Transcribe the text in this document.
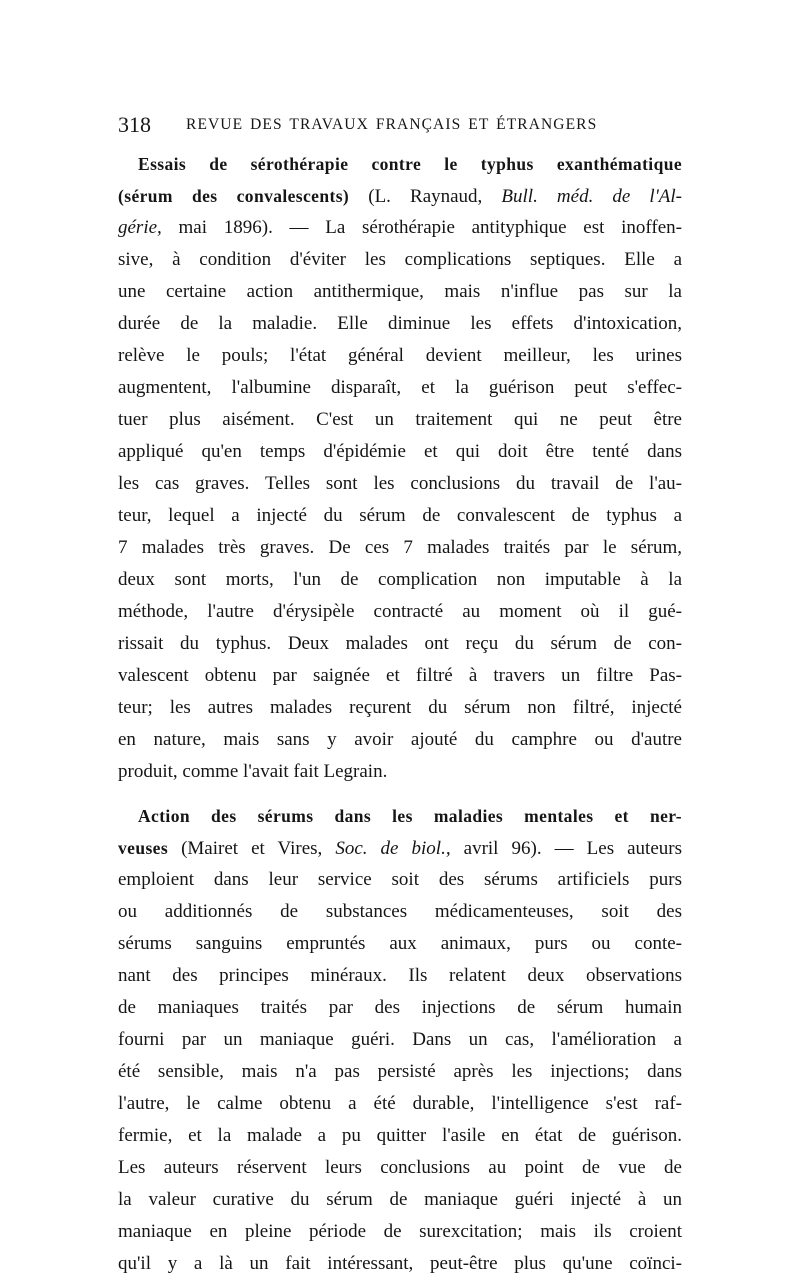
318 REVUE DES TRAVAUX FRANÇAIS ET ÉTRANGERS
Essais de sérothérapie contre le typhus exanthématique
(sérum des convalescents) (L. Raynaud, Bull. méd. de l'Al-
gérie, mai 1896). — La sérothérapie antityphique est inoffen-
sive, à condition d'éviter les complications septiques. Elle a
une certaine action antithermique, mais n'influe pas sur la
durée de la maladie. Elle diminue les effets d'intoxication,
relève le pouls; l'état général devient meilleur, les urines
augmentent, l'albumine disparaît, et la guérison peut s'effec-
tuer plus aisément. C'est un traitement qui ne peut être
appliqué qu'en temps d'épidémie et qui doit être tenté dans
les cas graves. Telles sont les conclusions du travail de l'au-
teur, lequel a injecté du sérum de convalescent de typhus a
7 malades très graves. De ces 7 malades traités par le sérum,
deux sont morts, l'un de complication non imputable à la
méthode, l'autre d'érysipèle contracté au moment où il gué-
rissait du typhus. Deux malades ont reçu du sérum de con-
valescent obtenu par saignée et filtré à travers un filtre Pas-
teur; les autres malades reçurent du sérum non filtré, injecté
en nature, mais sans y avoir ajouté du camphre ou d'autre
produit, comme l'avait fait Legrain.
Action des sérums dans les maladies mentales et ner-
veuses (Mairet et Vires, Soc. de biol., avril 96). — Les auteurs
emploient dans leur service soit des sérums artificiels purs
ou additionnés de substances médicamenteuses, soit des
sérums sanguins empruntés aux animaux, purs ou conte-
nant des principes minéraux. Ils relatent deux observations
de maniaques traités par des injections de sérum humain
fourni par un maniaque guéri. Dans un cas, l'amélioration a
été sensible, mais n'a pas persisté après les injections; dans
l'autre, le calme obtenu a été durable, l'intelligence s'est raf-
fermie, et la malade a pu quitter l'asile en état de guérison.
Les auteurs réservent leurs conclusions au point de vue de
la valeur curative du sérum de maniaque guéri injecté à un
maniaque en pleine période de surexcitation; mais ils croient
qu'il y a là un fait intéressant, peut-être plus qu'une coïnci-
